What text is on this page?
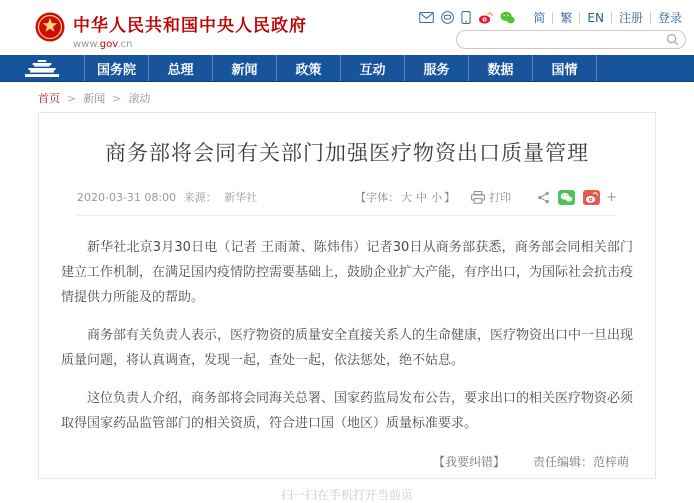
中华人民共和国中央人民政府
www.gov.cn
简	繁	EN	注册	登录
国务院	总理	新闻	政策	互动	服务	数据	国情
首页 > 新闻 > 滚动
商务部将会同有关部门加强医疗物资出口质量管理
2020-03-31 08:00 来源： 新华社	【字体： 大 中 小 】	打印	+

新华社北京3月30日电（记者 王雨萧、陈炜伟）记者30日从商务部获悉，商务部会同相关部门建立工作机制，在满足国内疫情防控需要基础上，鼓励企业扩大产能，有序出口，为国际社会抗击疫情提供力所能及的帮助。

商务部有关负责人表示，医疗物资的质量安全直接关系人的生命健康，医疗物资出口中一旦出现质量问题，将认真调查，发现一起，查处一起，依法惩处，绝不姑息。

这位负责人介绍，商务部将会同海关总署、国家药监局发布公告，要求出口的相关医疗物资必须取得国家药品监管部门的相关资质，符合进口国（地区）质量标准要求。

【我要纠错】 责任编辑：范梓萌
扫一扫在手机打开当前页
